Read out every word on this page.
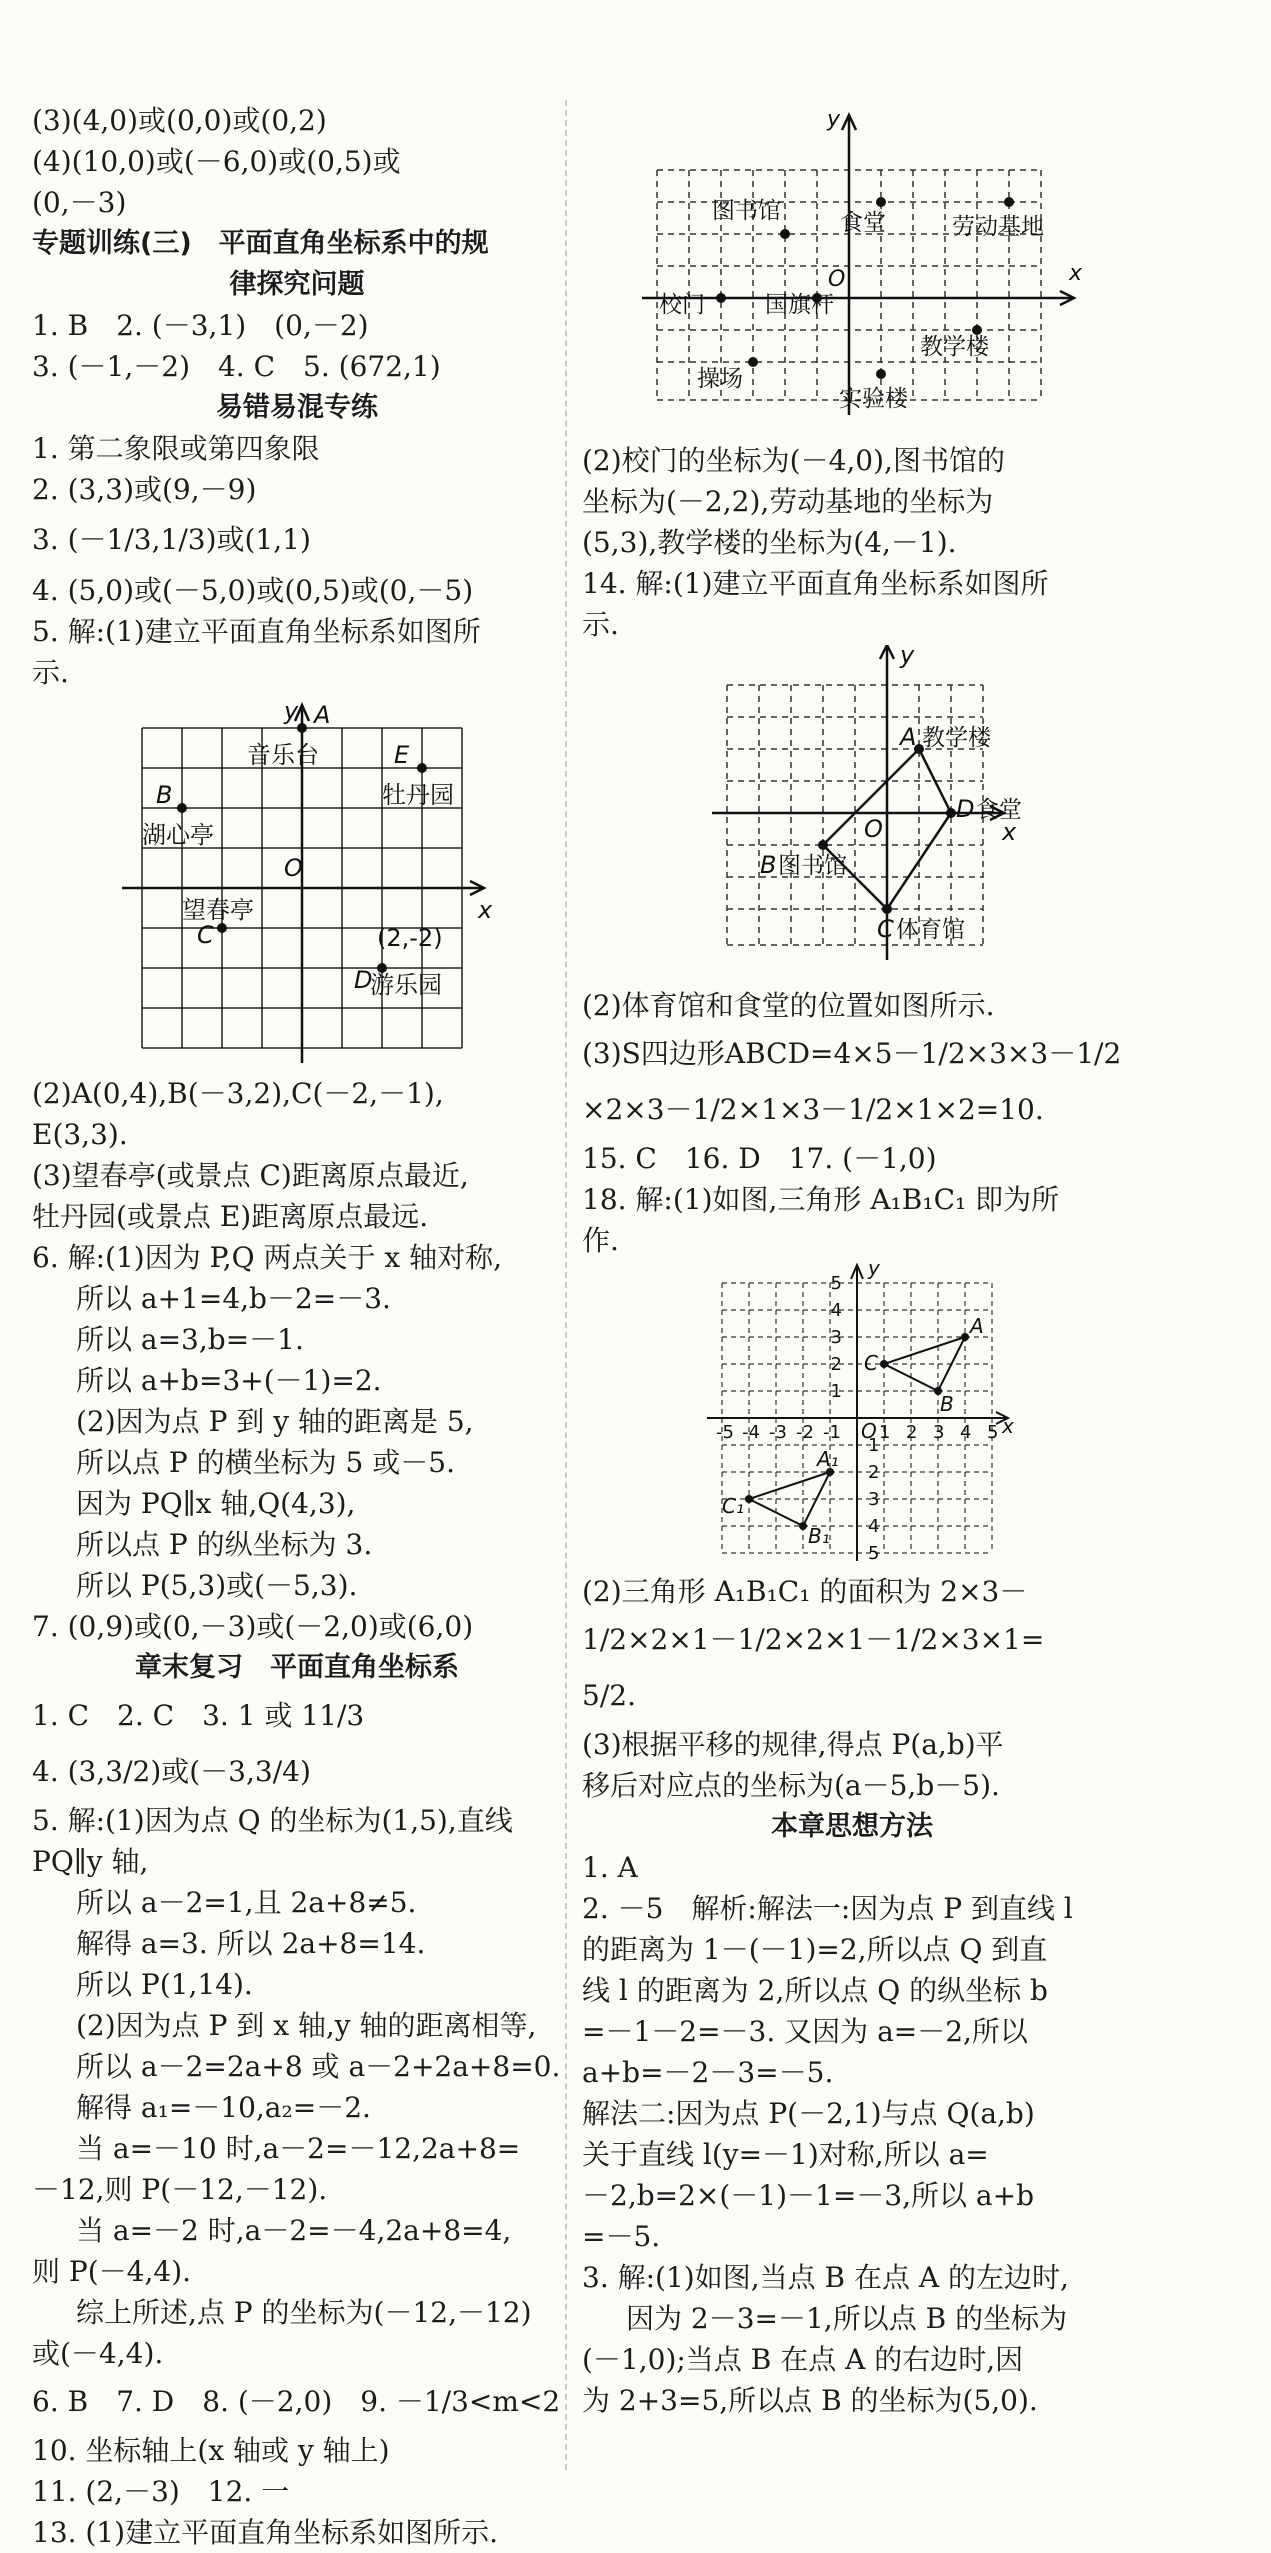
(3)(4,0)或(0,0)或(0,2)
(4)(10,0)或(－6,0)或(0,5)或
(0,－3)
专题训练(三)　平面直角坐标系中的规
律探究问题
1. B　2. (－3,1)　(0,－2)
3. (－1,－2)　4. C　5. (672,1)
易错易混专练
1. 第二象限或第四象限
2. (3,3)或(9,－9)
3. (－1/3,1/3)或(1,1)
4. (5,0)或(－5,0)或(0,5)或(0,－5)
5. 解:(1)建立平面直角坐标系如图所
示.
A
y
x
O
B
C
D
E
音乐台
牡丹园
湖心亭
望春亭
(2,-2)
游乐园
(2)A(0,4),B(－3,2),C(－2,－1),
E(3,3).
(3)望春亭(或景点 C)距离原点最近,
牡丹园(或景点 E)距离原点最远.
6. 解:(1)因为 P,Q 两点关于 x 轴对称,
所以 a+1=4,b－2=－3.
所以 a=3,b=－1.
所以 a+b=3+(－1)=2.
(2)因为点 P 到 y 轴的距离是 5,
所以点 P 的横坐标为 5 或－5.
因为 PQ∥x 轴,Q(4,3),
所以点 P 的纵坐标为 3.
所以 P(5,3)或(－5,3).
7. (0,9)或(0,－3)或(－2,0)或(6,0)
章末复习　平面直角坐标系
1. C　2. C　3. 1 或 11/3
4. (3,3/2)或(－3,3/4)
5. 解:(1)因为点 Q 的坐标为(1,5),直线
PQ∥y 轴,
所以 a－2=1,且 2a+8≠5.
解得 a=3. 所以 2a+8=14.
所以 P(1,14).
(2)因为点 P 到 x 轴,y 轴的距离相等,
所以 a－2=2a+8 或 a－2+2a+8=0.
解得 a₁=－10,a₂=－2.
当 a=－10 时,a－2=－12,2a+8=
－12,则 P(－12,－12).
当 a=－2 时,a－2=－4,2a+8=4,
则 P(－4,4).
综上所述,点 P 的坐标为(－12,－12)
或(－4,4).
6. B　7. D　8. (－2,0)　9. －1/3<m<2
10. 坐标轴上(x 轴或 y 轴上)
11. (2,－3)　12. 一
13. (1)建立平面直角坐标系如图所示.
y
x
O
图书馆	食堂	劳动基地
校门	国旗杆
教学楼
操场
实验楼
(2)校门的坐标为(－4,0),图书馆的
坐标为(－2,2),劳动基地的坐标为
(5,3),教学楼的坐标为(4,－1).
14. 解:(1)建立平面直角坐标系如图所
示.
y
x
O
A
D
B
C
教学楼
食堂
图书馆
体育馆
(2)体育馆和食堂的位置如图所示.
(3)S四边形ABCD=4×5－1/2×3×3－1/2
×2×3－1/2×1×3－1/2×1×2=10.
15. C　16. D　17. (－1,0)
18. 解:(1)如图,三角形 A₁B₁C₁ 即为所
作.
5
4
3
2
1
1
2
3
4
5
-5 -4 -3 -2 -1 1 2 3 4 5
y
x
O
A
C
B
A₁
C₁
B₁
(2)三角形 A₁B₁C₁ 的面积为 2×3－
1/2×2×1－1/2×2×1－1/2×3×1=
5/2.
(3)根据平移的规律,得点 P(a,b)平
移后对应点的坐标为(a－5,b－5).
本章思想方法
1. A
2. －5　解析:解法一:因为点 P 到直线 l
的距离为 1－(－1)=2,所以点 Q 到直
线 l 的距离为 2,所以点 Q 的纵坐标 b
=－1－2=－3. 又因为 a=－2,所以
a+b=－2－3=－5.
解法二:因为点 P(－2,1)与点 Q(a,b)
关于直线 l(y=－1)对称,所以 a=
－2,b=2×(－1)－1=－3,所以 a+b
=－5.
3. 解:(1)如图,当点 B 在点 A 的左边时,
因为 2－3=－1,所以点 B 的坐标为
(－1,0);当点 B 在点 A 的右边时,因
为 2+3=5,所以点 B 的坐标为(5,0).
